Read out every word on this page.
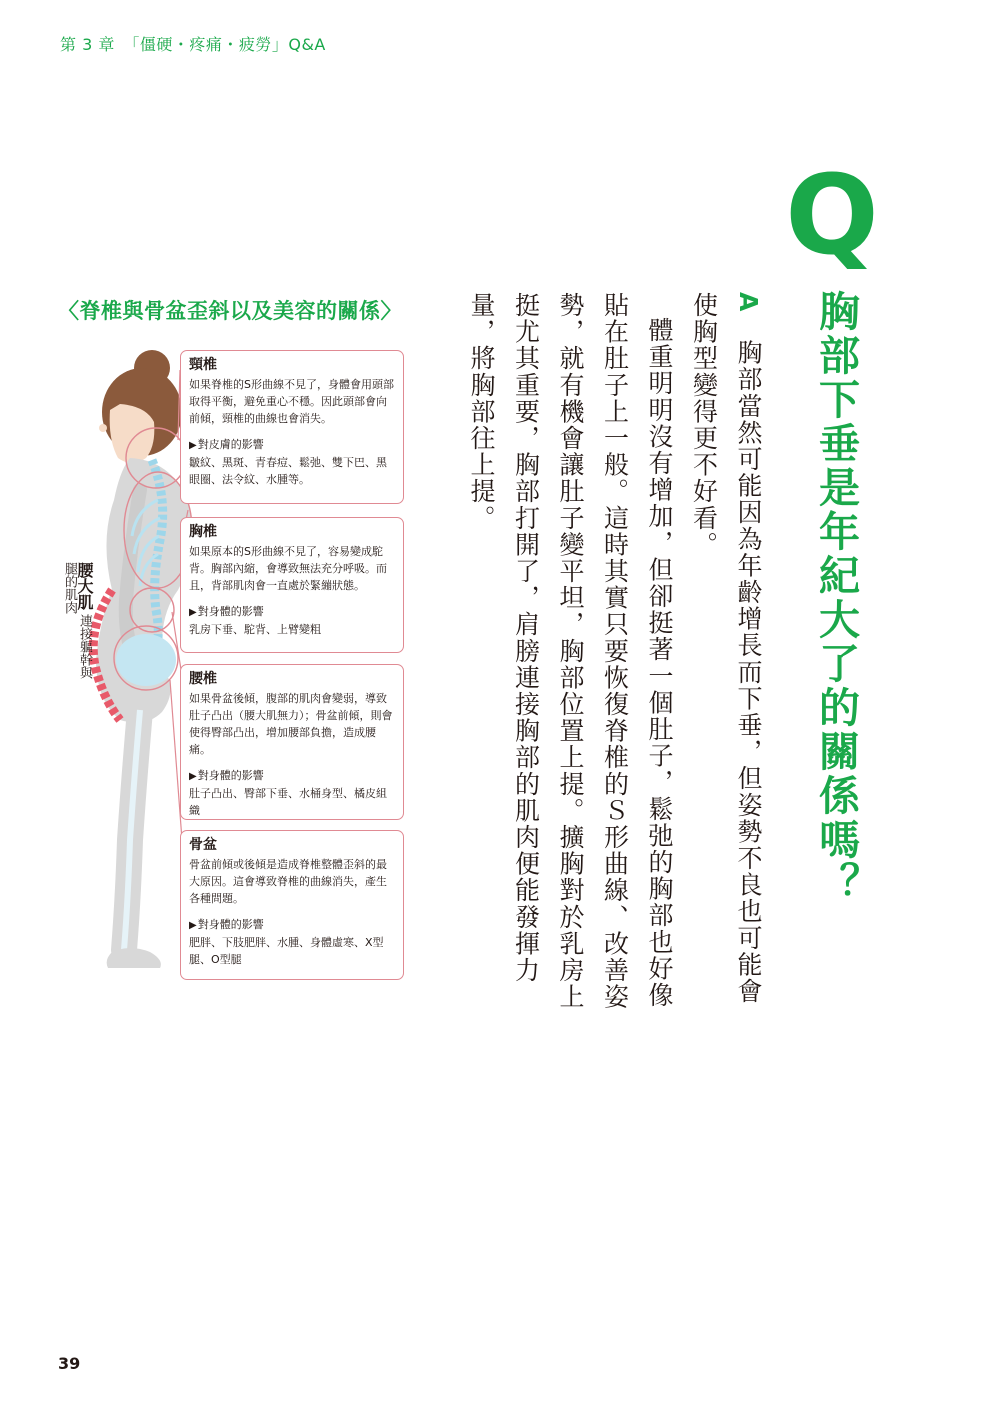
第 3 章　「僵硬・疼痛・疲勞」Q&A
Q
胸部下垂是年紀大了的關係嗎？

A　胸部當然可能因為年齡增長而下垂，但姿勢不良也可能會使胸型變得更不好看。

體重明明沒有增加，但卻挺著一個肚子，鬆弛的胸部也好像貼在肚子上一般。這時其實只要恢復脊椎的Ｓ形曲線、改善姿勢，就有機會讓肚子變平坦，胸部位置上提。擴胸對於乳房上挺尤其重要，胸部打開了，肩膀連接胸部的肌肉便能發揮力量，將胸部往上提。

〈脊椎與骨盆歪斜以及美容的關係〉
腰大肌 連接軀幹與腿的肌肉
頸椎
如果脊椎的S形曲線不見了，身體會用頭部取得平衡，避免重心不穩。因此頭部會向前傾，頸椎的曲線也會消失。
▶ 對皮膚的影響
皺紋、黑斑、青春痘、鬆弛、雙下巴、黑眼圈、法令紋、水腫等。
胸椎
如果原本的S形曲線不見了，容易變成駝背。胸部內縮，會導致無法充分呼吸。而且，背部肌肉會一直處於緊繃狀態。
▶ 對身體的影響
乳房下垂、駝背、上臂變粗
腰椎
如果骨盆後傾，腹部的肌肉會變弱，導致肚子凸出（腰大肌無力）；骨盆前傾，則會使得臀部凸出，增加腰部負擔，造成腰痛。
▶ 對身體的影響
肚子凸出、臀部下垂、水桶身型、橘皮組織
骨盆
骨盆前傾或後傾是造成脊椎整體歪斜的最大原因。這會導致脊椎的曲線消失，產生各種問題。
▶ 對身體的影響
肥胖、下肢肥胖、水腫、身體虛寒、X型腿、O型腿
39
